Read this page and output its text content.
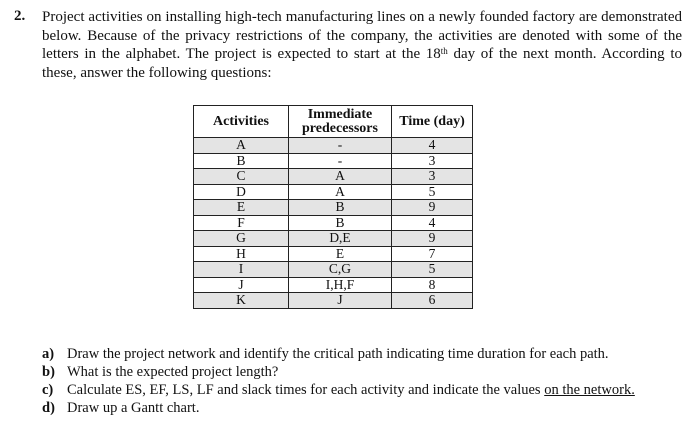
2. Project activities on installing high-tech manufacturing lines on a newly founded factory are demonstrated below. Because of the privacy restrictions of the company, the activities are denoted with some of the letters in the alphabet. The project is expected to start at the 18th day of the next month. According to these, answer the following questions:
Activities	Immediate predecessors	Time (day)
A	-	4
B	-	3
C	A	3
D	A	5
E	B	9
F	B	4
G	D,E	9
H	E	7
I	C,G	5
J	I,H,F	8
K	J	6
a) Draw the project network and identify the critical path indicating time duration for each path.
b) What is the expected project length?
c) Calculate ES, EF, LS, LF and slack times for each activity and indicate the values on the network.
d) Draw up a Gantt chart.
